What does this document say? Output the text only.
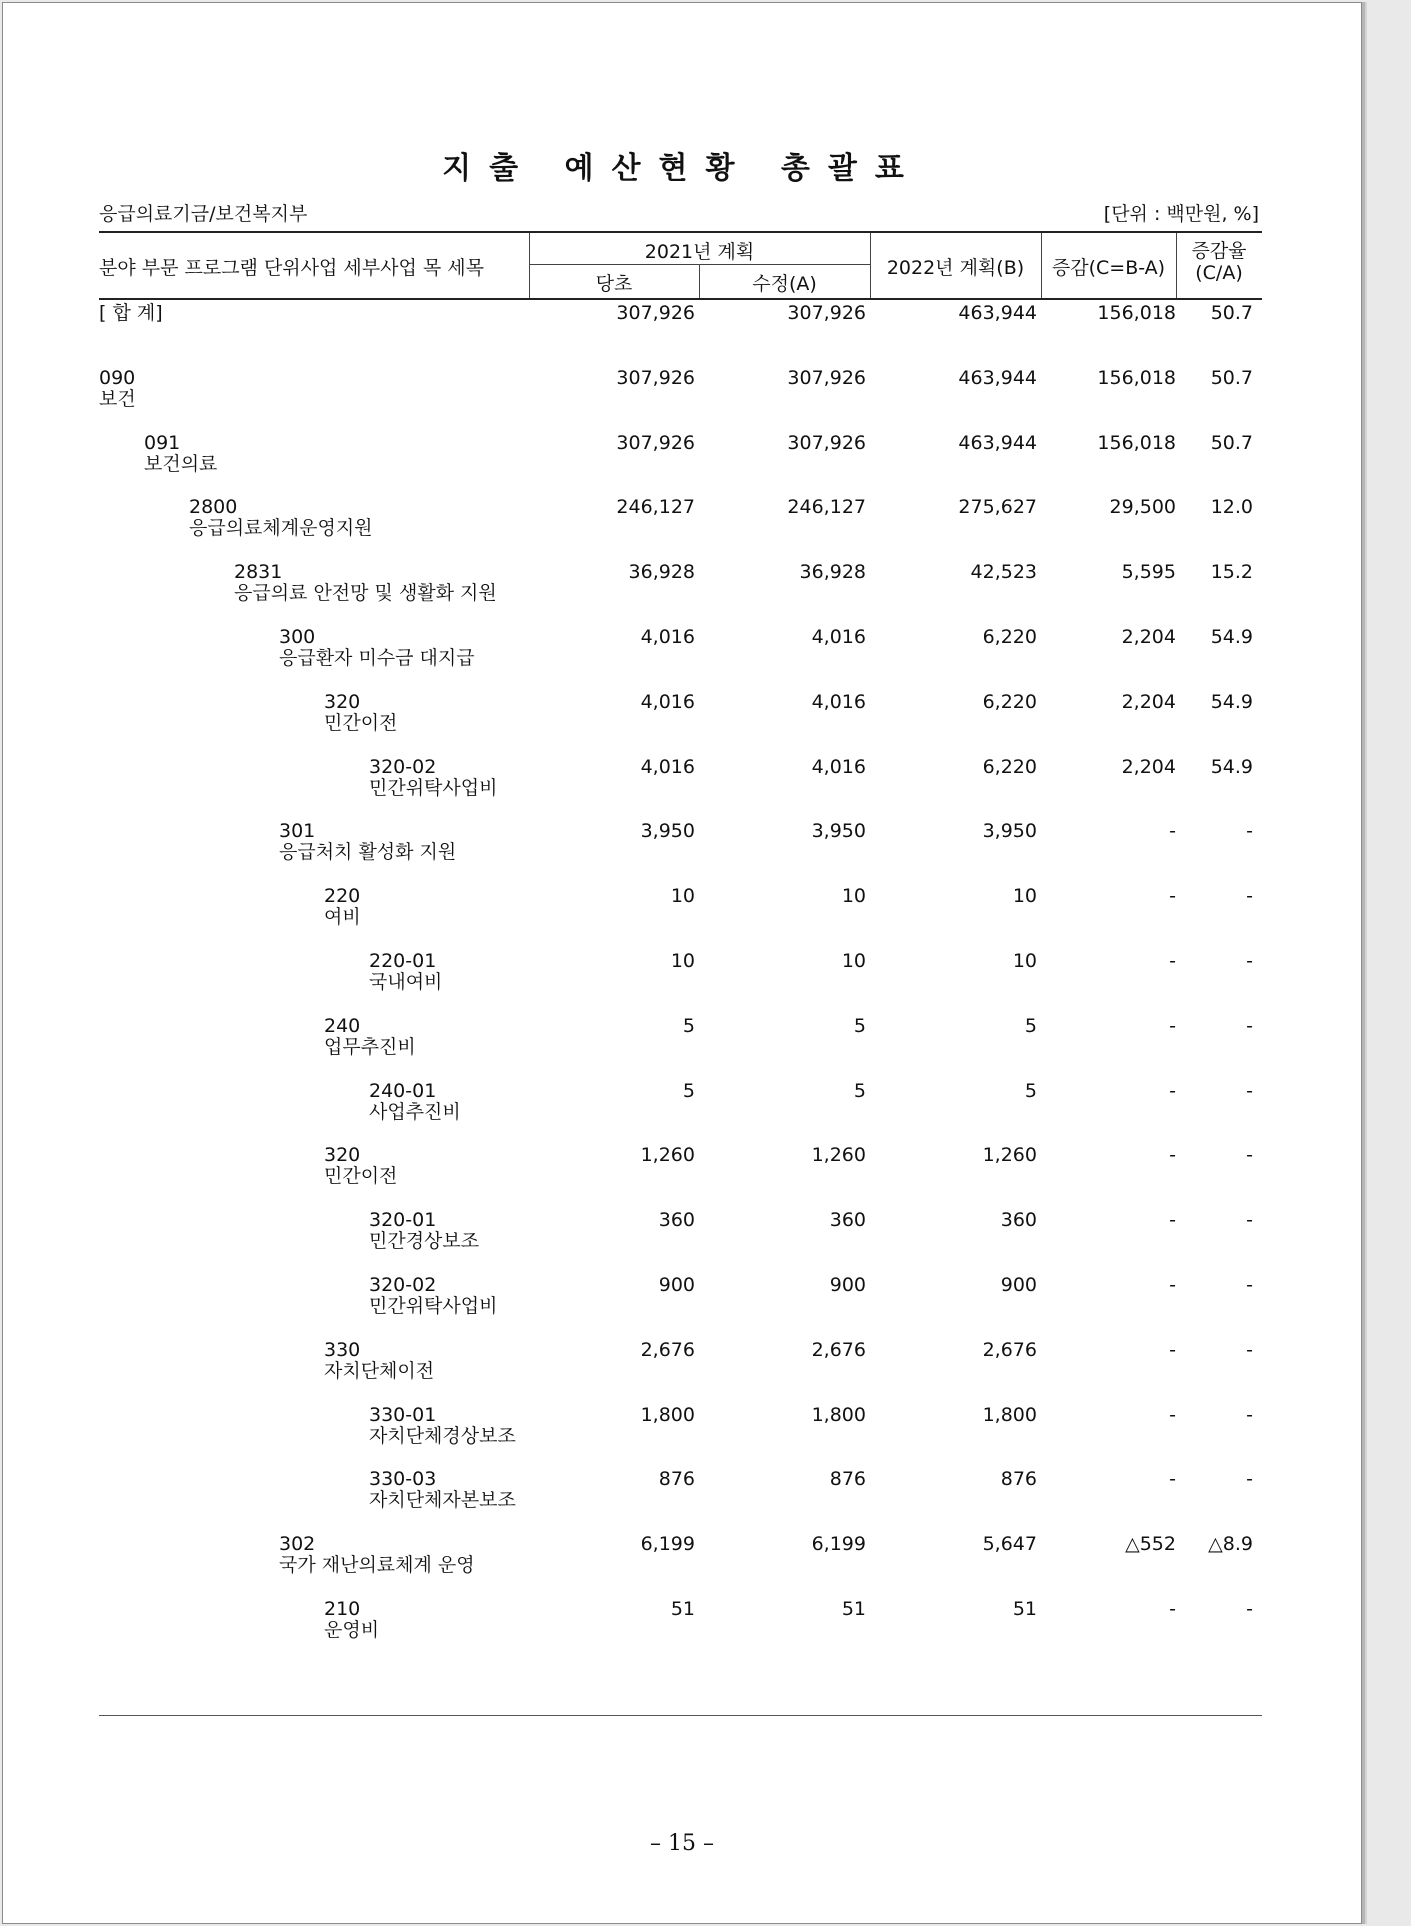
지출 예산현황 총괄표
응급의료기금/보건복지부	[단위 : 백만원, %]
분야 부문 프로그램 단위사업 세부사업 목 세목
2021년 계획
당초	수정(A)
2022년 계획(B)	증감(C=B-A)
증감율
(C/A)
[ 합 계]	307,926	307,926	463,944	156,018 50.7
090
보건
307,926	307,926	463,944	156,018 50.7
091
보건의료
307,926	307,926	463,944	156,018 50.7
2800
응급의료체계운영지원
246,127	246,127	275,627	29,500 12.0
2831
응급의료 안전망 및 생활화 지원
36,928	36,928	42,523	5,595 15.2
300
응급환자 미수금 대지급
4,016	4,016	6,220	2,204 54.9
320
민간이전
4,016	4,016	6,220	2,204 54.9
320-02
민간위탁사업비
4,016	4,016	6,220	2,204 54.9
301
응급처치 활성화 지원
3,950	3,950	3,950	-	-
220
여비
10	10	10	-	-
220-01
국내여비
10	10	10	-	-
240
업무추진비
5	5	5	-	-
240-01
사업추진비
5	5	5	-	-
320
민간이전
1,260	1,260	1,260	-	-
320-01
민간경상보조
360	360	360	-	-
320-02
민간위탁사업비
900	900	900	-	-
330
자치단체이전
2,676	2,676	2,676	-	-
330-01
자치단체경상보조
1,800	1,800	1,800	-	-
330-03
자치단체자본보조
876	876	876	-	-
302
국가 재난의료체계 운영
6,199	6,199	5,647	△552 △8.9
210
운영비
51	51	51	-	-
– 15 –
